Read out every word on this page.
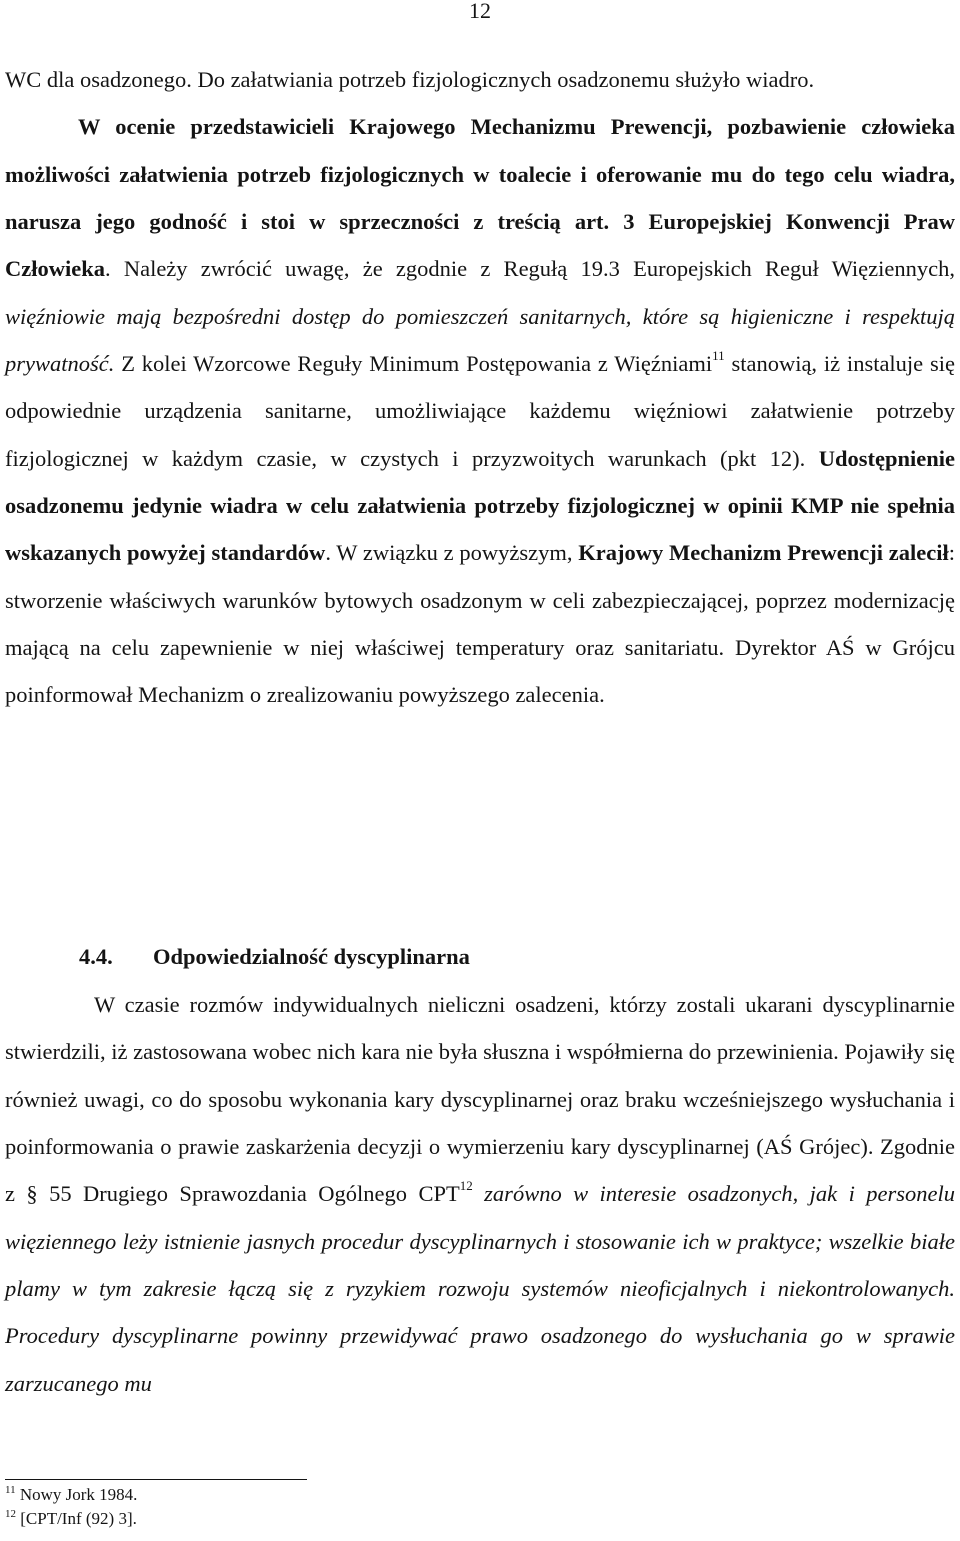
12

WC dla osadzonego. Do załatwiania potrzeb fizjologicznych osadzonemu służyło wiadro.

W ocenie przedstawicieli Krajowego Mechanizmu Prewencji, pozbawienie człowieka możliwości załatwienia potrzeb fizjologicznych w toalecie i oferowanie mu do tego celu wiadra, narusza jego godność i stoi w sprzeczności z treścią art. 3 Europejskiej Konwencji Praw Człowieka. Należy zwrócić uwagę, że zgodnie z Regułą 19.3 Europejskich Reguł Więziennych, więźniowie mają bezpośredni dostęp do pomieszczeń sanitarnych, które są higieniczne i respektują prywatność. Z kolei Wzorcowe Reguły Minimum Postępowania z Więźniami$^{11}$ stanowią, iż instaluje się odpowiednie urządzenia sanitarne, umożliwiające każdemu więźniowi załatwienie potrzeby fizjologicznej w każdym czasie, w czystych i przyzwoitych warunkach (pkt 12). Udostępnienie osadzonemu jedynie wiadra w celu załatwienia potrzeby fizjologicznej w opinii KMP nie spełnia wskazanych powyżej standardów. W związku z powyższym, Krajowy Mechanizm Prewencji zalecił: stworzenie właściwych warunków bytowych osadzonym w celi zabezpieczającej, poprzez modernizację mającą na celu zapewnienie w niej właściwej temperatury oraz sanitariatu. Dyrektor AŚ w Grójcu poinformował Mechanizm o zrealizowaniu powyższego zalecenia.

4.4. Odpowiedzialność dyscyplinarna

W czasie rozmów indywidualnych nieliczni osadzeni, którzy zostali ukarani dyscyplinarnie stwierdzili, iż zastosowana wobec nich kara nie była słuszna i współmierna do przewinienia. Pojawiły się również uwagi, co do sposobu wykonania kary dyscyplinarnej oraz braku wcześniejszego wysłuchania i poinformowania o prawie zaskarżenia decyzji o wymierzeniu kary dyscyplinarnej (AŚ Grójec). Zgodnie z § 55 Drugiego Sprawozdania Ogólnego CPT$^{12}$ zarówno w interesie osadzonych, jak i personelu więziennego leży istnienie jasnych procedur dyscyplinarnych i stosowanie ich w praktyce; wszelkie białe plamy w tym zakresie łączą się z ryzykiem rozwoju systemów nieoficjalnych i niekontrolowanych. Procedury dyscyplinarne powinny przewidywać prawo osadzonego do wysłuchania go w sprawie zarzucanego mu

$^{11}$ Nowy Jork 1984.
$^{12}$ [CPT/Inf (92) 3].
